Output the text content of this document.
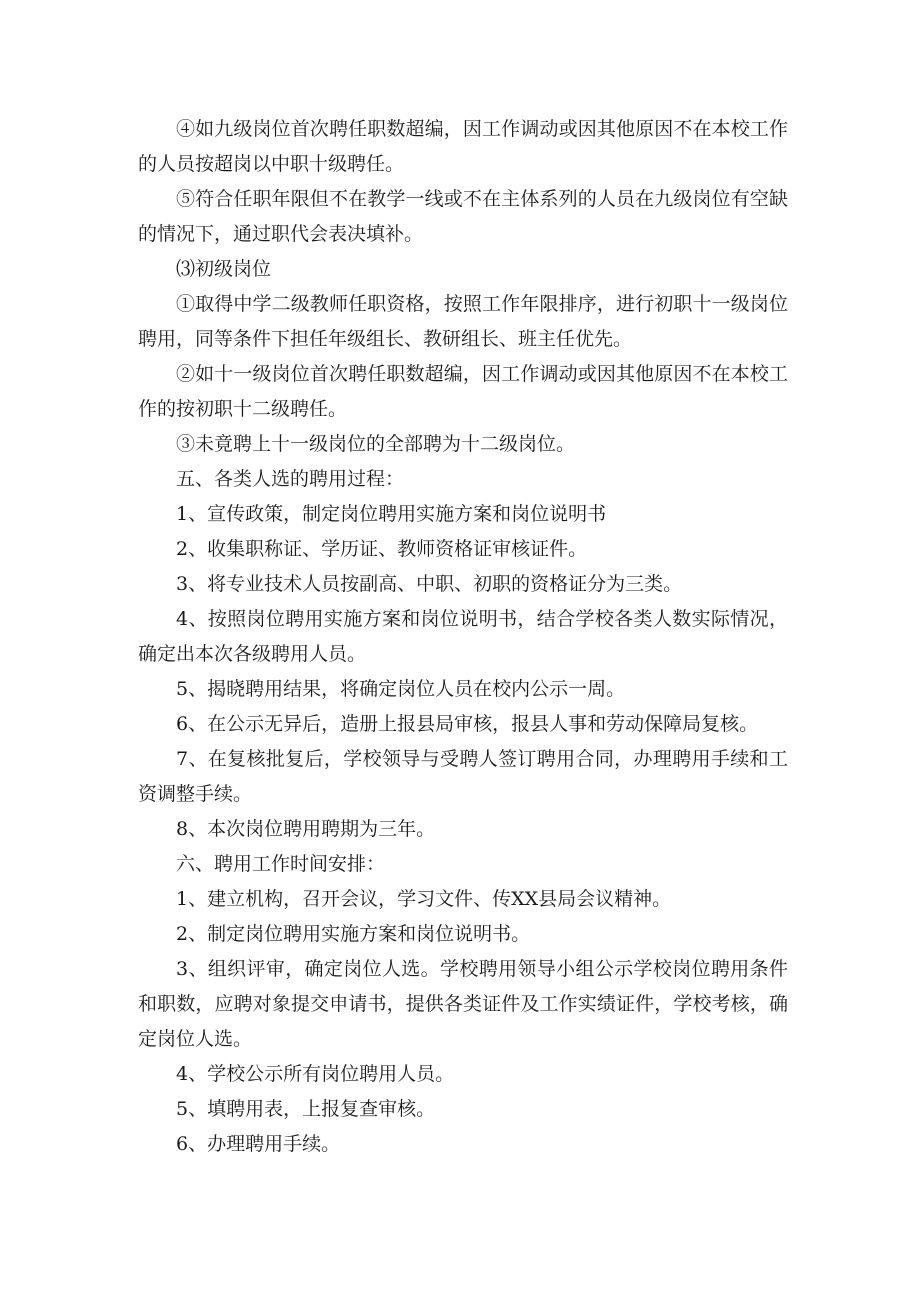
④如九级岗位首次聘任职数超编，因工作调动或因其他原因不在本校工作的人员按超岗以中职十级聘任。

⑤符合任职年限但不在教学一线或不在主体系列的人员在九级岗位有空缺的情况下，通过职代会表决填补。

⑶初级岗位

①取得中学二级教师任职资格，按照工作年限排序，进行初职十一级岗位聘用，同等条件下担任年级组长、教研组长、班主任优先。

②如十一级岗位首次聘任职数超编，因工作调动或因其他原因不在本校工作的按初职十二级聘任。

③未竟聘上十一级岗位的全部聘为十二级岗位。

五、各类人选的聘用过程：

1、宣传政策，制定岗位聘用实施方案和岗位说明书

2、收集职称证、学历证、教师资格证审核证件。

3、将专业技术人员按副高、中职、初职的资格证分为三类。

4、按照岗位聘用实施方案和岗位说明书，结合学校各类人数实际情况，确定出本次各级聘用人员。

5、揭晓聘用结果，将确定岗位人员在校内公示一周。

6、在公示无异后，造册上报县局审核，报县人事和劳动保障局复核。

7、在复核批复后，学校领导与受聘人签订聘用合同，办理聘用手续和工资调整手续。

8、本次岗位聘用聘期为三年。

六、聘用工作时间安排：

1、建立机构，召开会议，学习文件、传XX县局会议精神。

2、制定岗位聘用实施方案和岗位说明书。

3、组织评审，确定岗位人选。学校聘用领导小组公示学校岗位聘用条件和职数，应聘对象提交申请书，提供各类证件及工作实绩证件，学校考核，确定岗位人选。

4、学校公示所有岗位聘用人员。

5、填聘用表，上报复查审核。

6、办理聘用手续。
